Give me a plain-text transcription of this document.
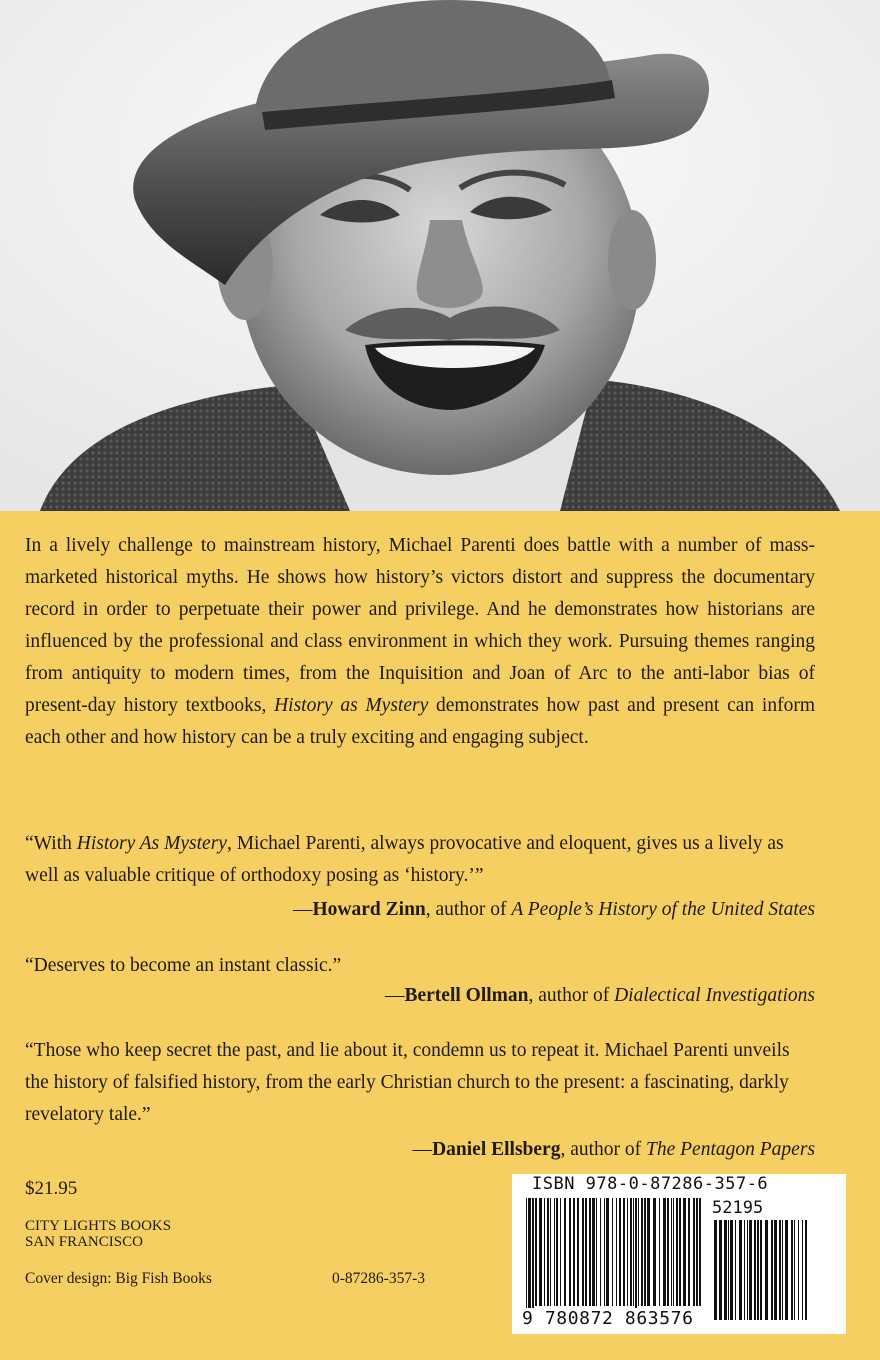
In a lively challenge to mainstream history, Michael Parenti does battle with a number of mass-marketed historical myths. He shows how history’s victors distort and suppress the documentary record in order to perpetuate their power and privilege. And he demonstrates how historians are influenced by the professional and class environment in which they work. Pursuing themes ranging from antiquity to modern times, from the Inquisition and Joan of Arc to the anti-labor bias of present-day history textbooks, History as Mystery demonstrates how past and present can inform each other and how history can be a truly exciting and engaging subject.

“With History As Mystery, Michael Parenti, always provocative and eloquent, gives us a lively as well as valuable critique of orthodoxy posing as ‘history.’”

—Howard Zinn, author of A People’s History of the United States

“Deserves to become an instant classic.”

—Bertell Ollman, author of Dialectical Investigations

“Those who keep secret the past, and lie about it, condemn us to repeat it. Michael Parenti unveils the history of falsified history, from the early Christian church to the present: a fascinating, darkly revelatory tale.”

—Daniel Ellsberg, author of The Pentagon Papers

$21.95
CITY LIGHTS BOOKS
SAN FRANCISCO
Cover design: Big Fish Books	0-87286-357-3
ISBN 978-0-87286-357-6
52195
9 780872 863576
